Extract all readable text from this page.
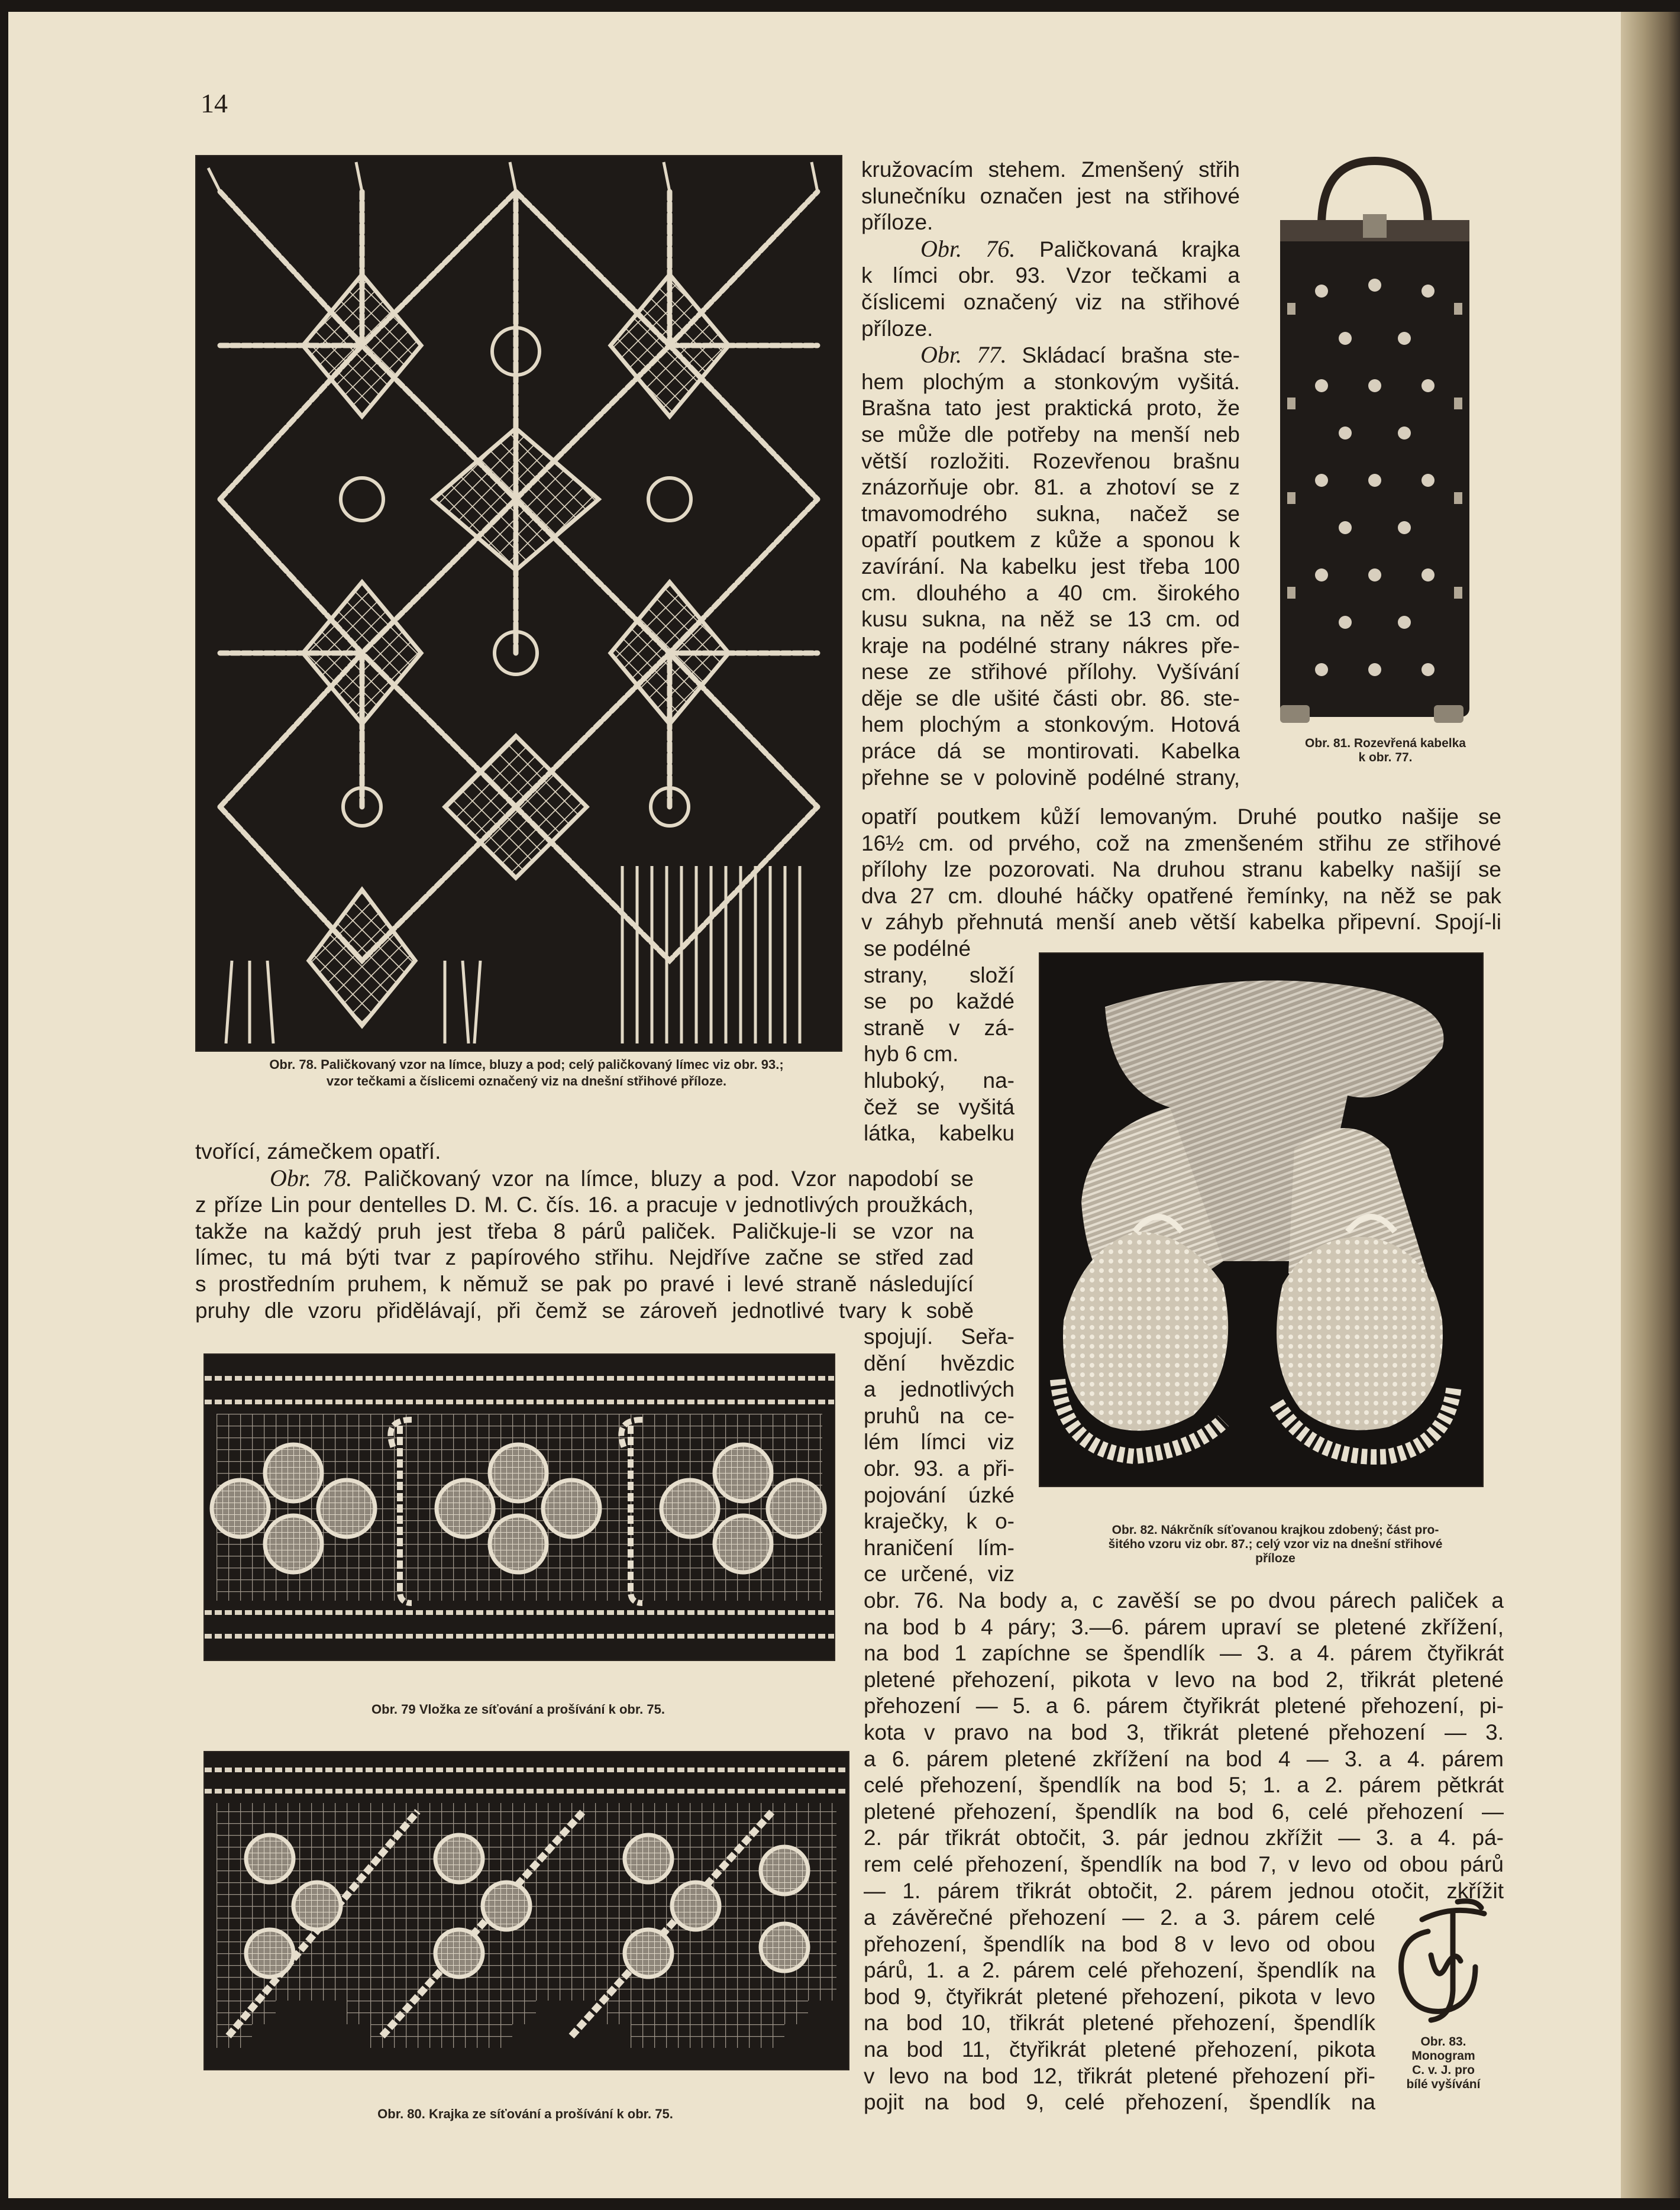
14
Obr. 78. Paličkovaný vzor na límce, bluzy a pod; celý paličkovaný límec viz obr. 93.;
vzor tečkami a číslicemi označený viz na dnešní střihové příloze.
Obr. 81. Rozevřená kabelka
k obr. 77.
kružovacím stehem. Zmenšený střih
slunečníku označen jest na střihové
příloze.
Obr. 76. Paličkovaná krajka
k límci obr. 93. Vzor tečkami a
číslicemi označený viz na střihové
příloze.
Obr. 77. Skládací brašna ste-
hem plochým a stonkovým vyšitá.
Brašna tato jest praktická proto, že
se může dle potřeby na menší neb
větší rozložiti. Rozevřenou brašnu
znázorňuje obr. 81. a zhotoví se z
tmavomodrého sukna, načež se
opatří poutkem z kůže a sponou k
zavírání. Na kabelku jest třeba 100
cm. dlouhého a 40 cm. širokého
kusu sukna, na něž se 13 cm. od
kraje na podélné strany nákres pře-
nese ze střihové přílohy. Vyšívání
děje se dle ušité části obr. 86. ste-
hem plochým a stonkovým. Hotová
práce dá se montirovati. Kabelka
přehne se v polovině podélné strany,
opatří poutkem kůží lemovaným. Druhé poutko našije se
16½ cm. od prvého, což na zmenšeném střihu ze střihové
přílohy lze pozorovati. Na druhou stranu kabelky našijí se
dva 27 cm. dlouhé háčky opatřené řemínky, na něž se pak
v záhyb přehnutá menší aneb větší kabelka připevní. Spojí-li
se podélné
strany, složí
se po každé
straně v zá-
hyb 6 cm.
hluboký, na-
čež se vyšitá
látka, kabelku
Obr. 82. Nákrčník síťovanou krajkou zdobený; část pro-
šitého vzoru viz obr. 87.; celý vzor viz na dnešní střihové
příloze
tvořící, zámečkem opatří.
Obr. 78. Paličkovaný vzor na límce, bluzy a pod. Vzor napodobí se
z příze Lin pour dentelles D. M. C. čís. 16. a pracuje v jednotlivých proužkách,
takže na každý pruh jest třeba 8 párů paliček. Paličkuje-li se vzor na
límec, tu má býti tvar z papírového střihu. Nejdříve začne se střed zad
s prostředním pruhem, k němuž se pak po pravé i levé straně následující
pruhy dle vzoru přidělávají, při čemž se zároveň jednotlivé tvary k sobě
spojují. Seřa-
dění hvězdic
a jednotlivých
pruhů na ce-
lém límci viz
obr. 93. a při-
pojování úzké
kraječky, k o-
hraničení lím-
ce určené, viz
Obr. 79 Vložka ze síťování a prošívání k obr. 75.
obr. 76. Na body a, c zavěší se po dvou párech paliček a
na bod b 4 páry; 3.—6. párem upraví se pletené zkřížení,
na bod 1 zapíchne se špendlík — 3. a 4. párem čtyřikrát
pletené přehození, pikota v levo na bod 2, třikrát pletené
přehození — 5. a 6. párem čtyřikrát pletené přehození, pi-
kota v pravo na bod 3, třikrát pletené přehození — 3.
a 6. párem pletené zkřížení na bod 4 — 3. a 4. párem
celé přehození, špendlík na bod 5; 1. a 2. párem pětkrát
pletené přehození, špendlík na bod 6, celé přehození —
2. pár třikrát obtočit, 3. pár jednou zkřížit — 3. a 4. pá-
rem celé přehození, špendlík na bod 7, v levo od obou párů
— 1. párem třikrát obtočit, 2. párem jednou otočit, zkřížit
Obr. 80. Krajka ze síťování a prošívání k obr. 75.
a závěrečné přehození — 2. a 3. párem celé
přehození, špendlík na bod 8 v levo od obou
párů, 1. a 2. párem celé přehození, špendlík na
bod 9, čtyřikrát pletené přehození, pikota v levo
na bod 10, třikrát pletené přehození, špendlík
na bod 11, čtyřikrát pletené přehození, pikota
v levo na bod 12, třikrát pletené přehození při-
pojit na bod 9, celé přehození, špendlík na
Obr. 83.
Monogram
C. v. J. pro
bílé vyšívání
